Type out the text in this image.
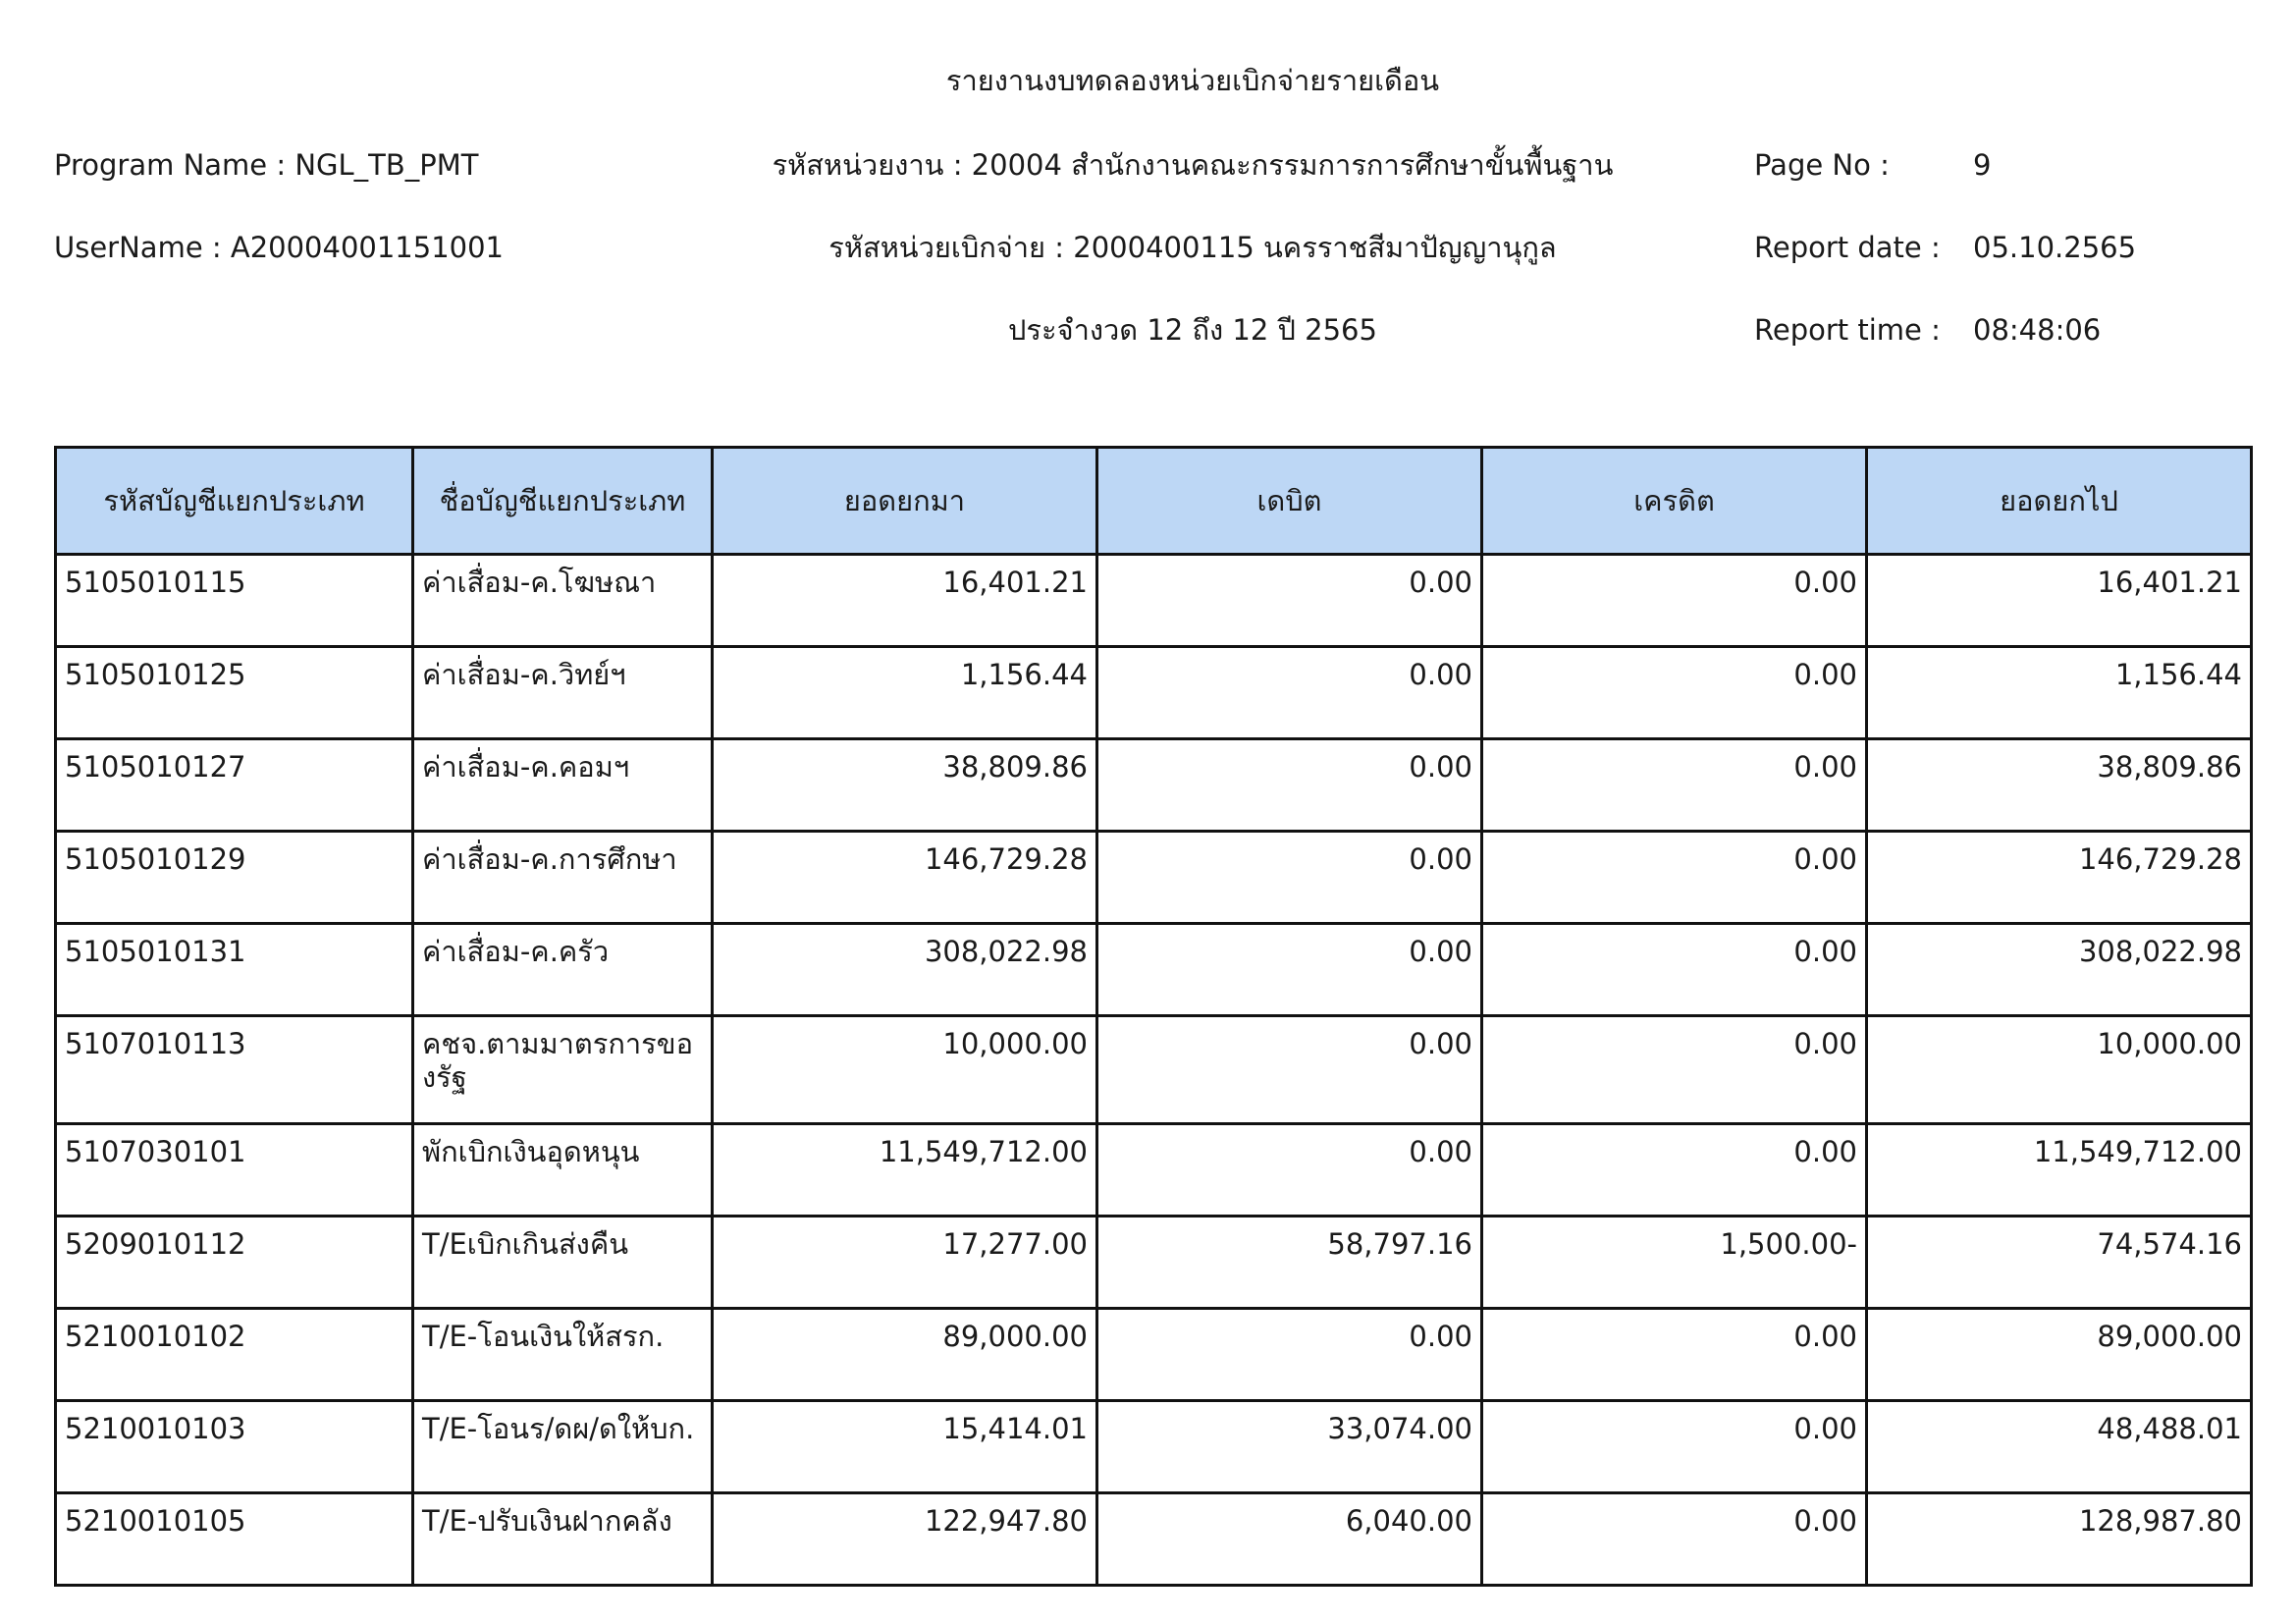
รายงานงบทดลองหน่วยเบิกจ่ายรายเดือน
Program Name : NGL_TB_PMT	รหัสหน่วยงาน : 20004 สำนักงานคณะกรรมการการศึกษาขั้นพื้นฐาน	Page No :	9
UserName : A20004001151001	รหัสหน่วยเบิกจ่าย : 2000400115 นครราชสีมาปัญญานุกูล	Report date : 05.10.2565
ประจำงวด 12 ถึง 12 ปี 2565	Report time : 08:48:06
รหัสบัญชีแยกประเภท	ชื่อบัญชีแยกประเภท	ยอดยกมา	เดบิต	เครดิต	ยอดยกไป
5105010115	ค่าเสื่อม-ค.โฆษณา	16,401.21	0.00	0.00	16,401.21
5105010125	ค่าเสื่อม-ค.วิทย์ฯ	1,156.44	0.00	0.00	1,156.44
5105010127	ค่าเสื่อม-ค.คอมฯ	38,809.86	0.00	0.00	38,809.86
5105010129	ค่าเสื่อม-ค.การศึกษา	146,729.28	0.00	0.00	146,729.28
5105010131	ค่าเสื่อม-ค.ครัว	308,022.98	0.00	0.00	308,022.98
5107010113	คชจ.ตามมาตรการของรัฐ	10,000.00	0.00	0.00	10,000.00
5107030101	พักเบิกเงินอุดหนุน	11,549,712.00	0.00	0.00	11,549,712.00
5209010112	T/Eเบิกเกินส่งคืน	17,277.00	58,797.16	1,500.00-	74,574.16
5210010102	T/E-โอนเงินให้สรก.	89,000.00	0.00	0.00	89,000.00
5210010103	T/E-โอนร/ดผ/ดให้บก.	15,414.01	33,074.00	0.00	48,488.01
5210010105	T/E-ปรับเงินฝากคลัง	122,947.80	6,040.00	0.00	128,987.80
